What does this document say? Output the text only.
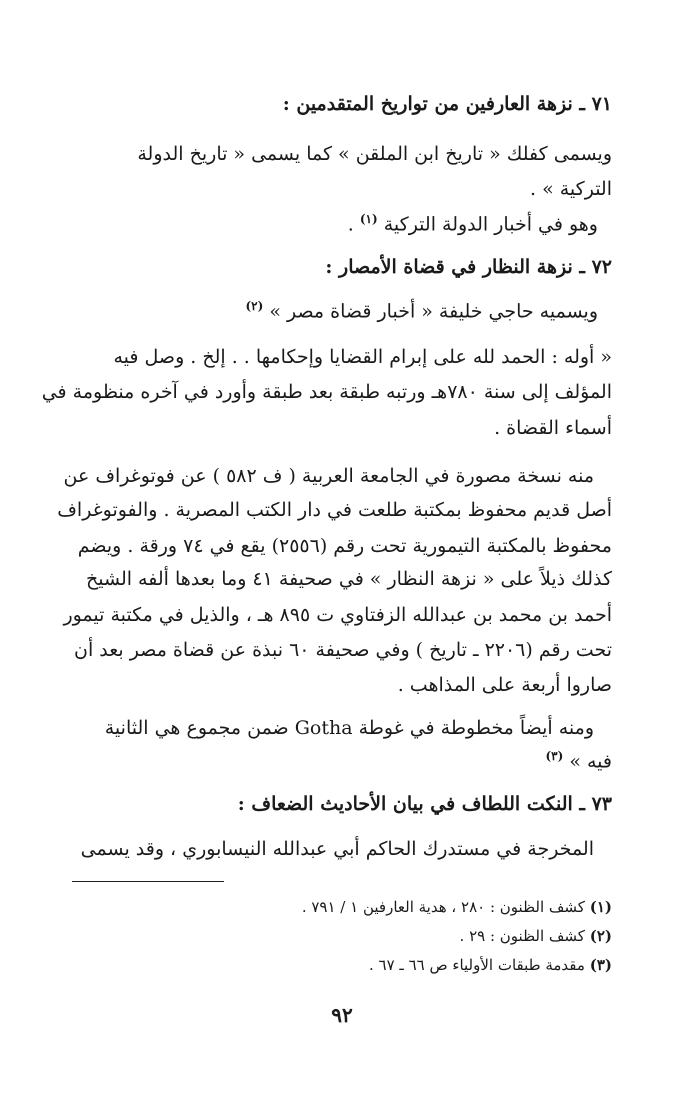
٧١ ـ نزهة العارفين من تواريخ المتقدمين :
ويسمى كفلك « تاريخ ابن الملقن » كما يسمى « تاريخ الدولة
التركية » .
وهو في أخبار الدولة التركية $^{(١)}$ .
٧٢ ـ نزهة النظار في قضاة الأمصار :
ويسميه حاجي خليفة « أخبار قضاة مصر » $^{(٢)}$
« أوله : الحمد لله على إبرام القضايا وإحكامها . . إلخ . وصل فيه
المؤلف إلى سنة ٧٨٠هـ ورتبه طبقة بعد طبقة وأورد في آخره منظومة في
أسماء القضاة .
منه نسخة مصورة في الجامعة العربية ( ف ٥٨٢ ) عن فوتوغراف عن
أصل قديم محفوظ بمكتبة طلعت في دار الكتب المصرية . والفوتوغراف
محفوظ بالمكتبة التيمورية تحت رقم (٢٥٥٦) يقع في ٧٤ ورقة . ويضم
كذلك ذيلاً على « نزهة النظار » في صحيفة ٤١ وما بعدها ألفه الشيخ
أحمد بن محمد بن عبدالله الزفتاوي ت ٨٩٥ هـ ، والذيل في مكتبة تيمور
تحت رقم (٢٢٠٦ ـ تاريخ ) وفي صحيفة ٦٠ نبذة عن قضاة مصر بعد أن
صاروا أربعة على المذاهب .
ومنه أيضاً مخطوطة في غوطة Gotha ضمن مجموع هي الثانية
فيه » $^{(٣)}$
٧٣ ـ النكت اللطاف في بيان الأحاديث الضعاف :
المخرجة في مستدرك الحاكم أبي عبدالله النيسابوري ، وقد يسمى
(١) كشف الظنون : ٢٨٠ ، هدية العارفين ١ / ٧٩١ .
(٢) كشف الظنون : ٢٩ .
(٣) مقدمة طبقات الأولياء ص ٦٦ ـ ٦٧ .
٩٢
